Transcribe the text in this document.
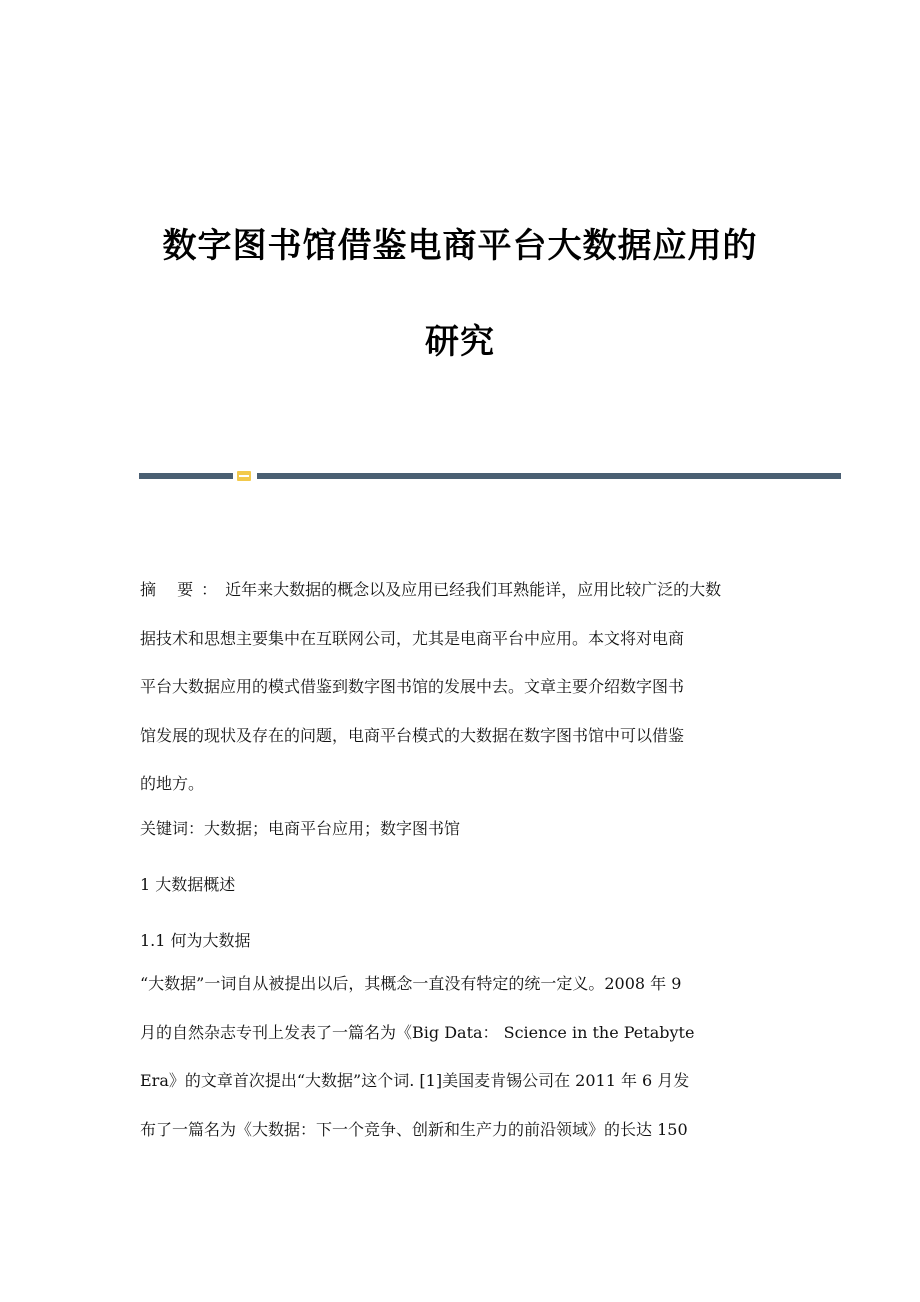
数字图书馆借鉴电商平台大数据应用的
研究
摘 要：近年来大数据的概念以及应用已经我们耳熟能详，应用比较广泛的大数
据技术和思想主要集中在互联网公司，尤其是电商平台中应用。本文将对电商
平台大数据应用的模式借鉴到数字图书馆的发展中去。文章主要介绍数字图书
馆发展的现状及存在的问题，电商平台模式的大数据在数字图书馆中可以借鉴
的地方。
关键词：大数据；电商平台应用；数字图书馆
1 大数据概述
1.1 何为大数据
“大数据”一词自从被提出以后，其概念一直没有特定的统一定义。2008 年 9
月的自然杂志专刊上发表了一篇名为《Big Data： Science in the Petabyte
Era》的文章首次提出“大数据”这个词. [1]美国麦肯锡公司在 2011 年 6 月发
布了一篇名为《大数据：下一个竞争、创新和生产力的前沿领域》的长达 150
